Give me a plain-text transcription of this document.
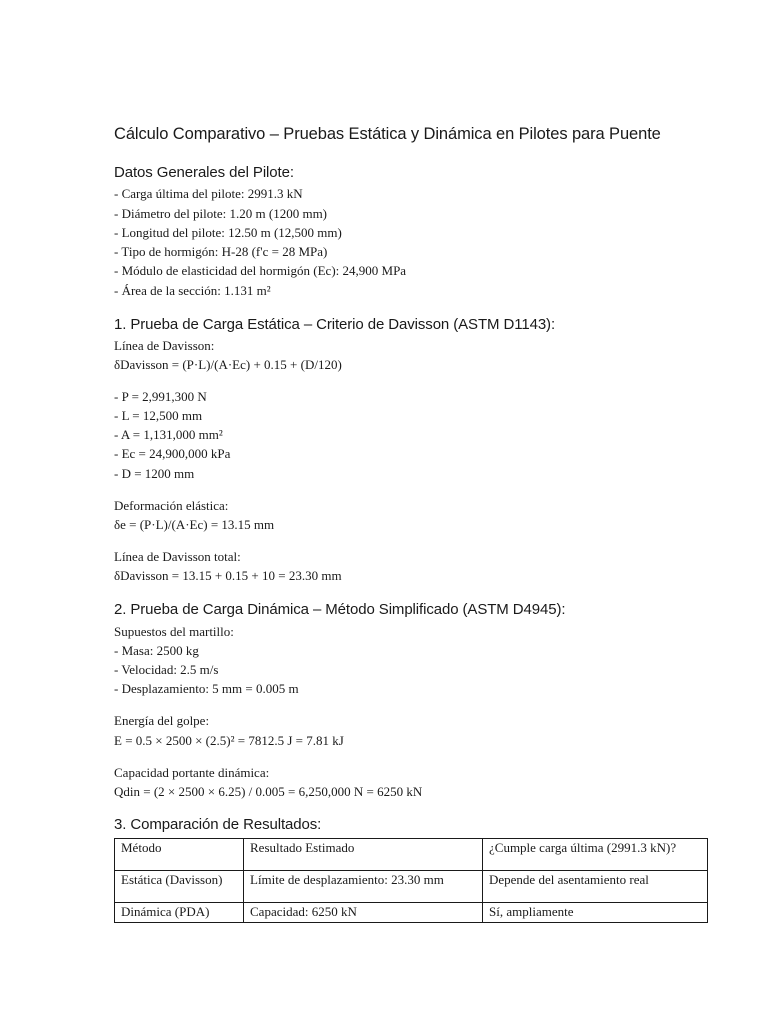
Cálculo Comparativo – Pruebas Estática y Dinámica en Pilotes para Puente
Datos Generales del Pilote:
- Carga última del pilote: 2991.3 kN
- Diámetro del pilote: 1.20 m (1200 mm)
- Longitud del pilote: 12.50 m (12,500 mm)
- Tipo de hormigón: H-28 (f'c = 28 MPa)
- Módulo de elasticidad del hormigón (Ec): 24,900 MPa
- Área de la sección: 1.131 m²
1. Prueba de Carga Estática – Criterio de Davisson (ASTM D1143):
Línea de Davisson:
δDavisson = (P·L)/(A·Ec) + 0.15 + (D/120)
- P = 2,991,300 N
- L = 12,500 mm
- A = 1,131,000 mm²
- Ec = 24,900,000 kPa
- D = 1200 mm
Deformación elástica:
δe = (P·L)/(A·Ec) = 13.15 mm
Línea de Davisson total:
δDavisson = 13.15 + 0.15 + 10 = 23.30 mm
2. Prueba de Carga Dinámica – Método Simplificado (ASTM D4945):
Supuestos del martillo:
- Masa: 2500 kg
- Velocidad: 2.5 m/s
- Desplazamiento: 5 mm = 0.005 m
Energía del golpe:
E = 0.5 × 2500 × (2.5)² = 7812.5 J = 7.81 kJ
Capacidad portante dinámica:
Qdin = (2 × 2500 × 6.25) / 0.005 = 6,250,000 N = 6250 kN
3. Comparación de Resultados:
Método	Resultado Estimado	¿Cumple carga última (2991.3 kN)?
Estática (Davisson)	Límite de desplazamiento: 23.30 mm	Depende del asentamiento real
Dinámica (PDA)	Capacidad: 6250 kN	Sí, ampliamente
